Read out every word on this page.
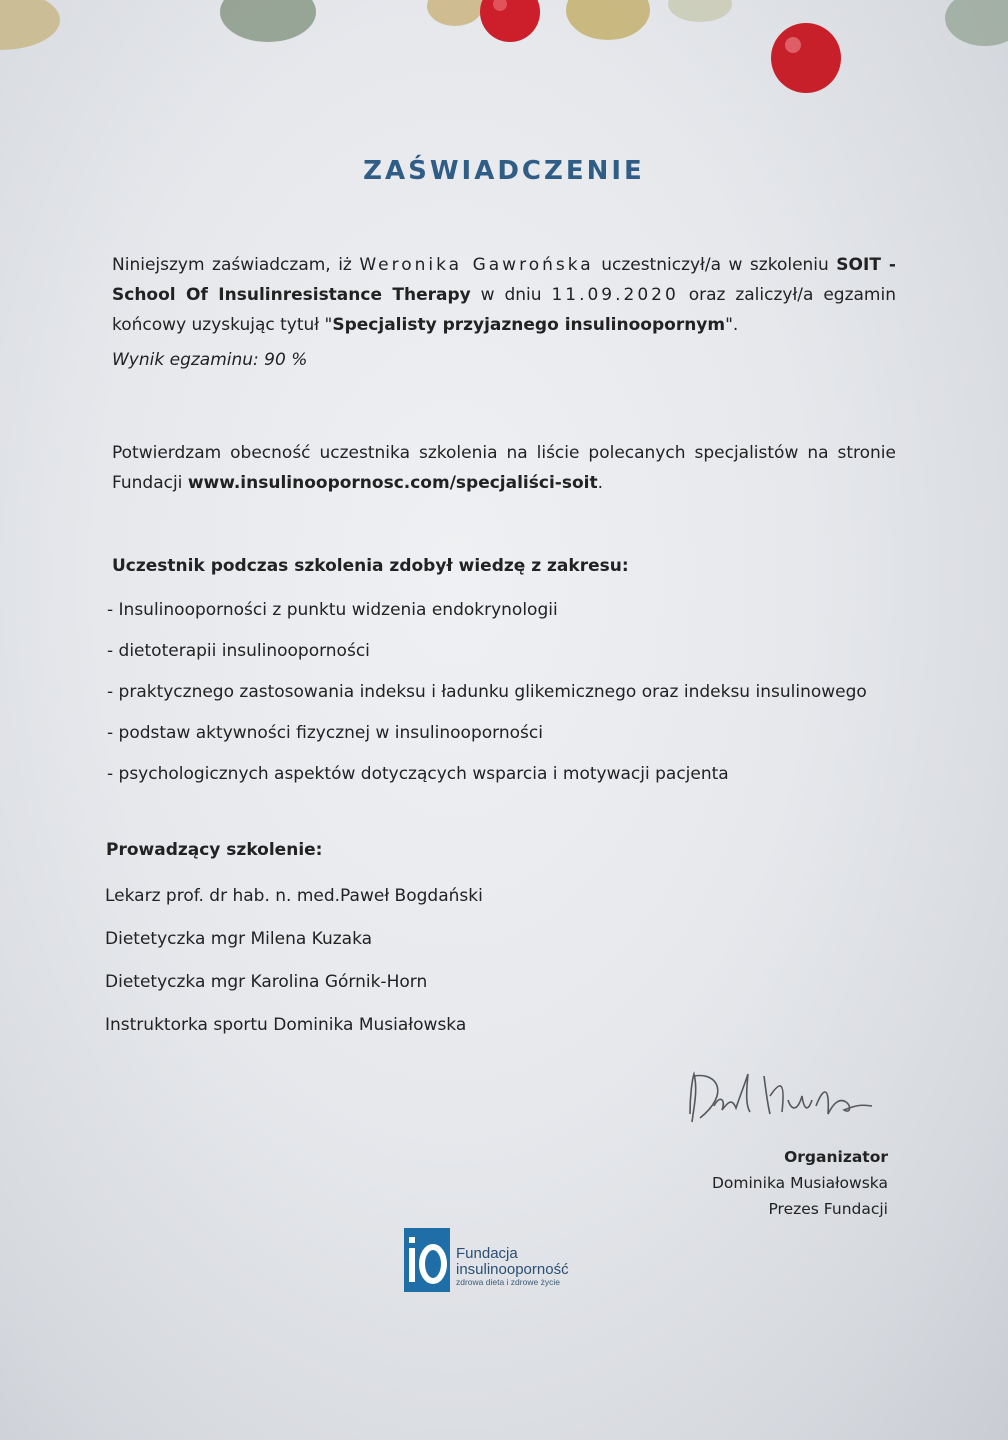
ZAŚWIADCZENIE
Niniejszym zaświadczam, iż Weronika Gawrońska uczestniczył/a w szkoleniu SOIT - School Of Insulinresistance Therapy w dniu 11.09.2020 oraz zaliczył/a egzamin końcowy uzyskując tytuł "Specjalisty przyjaznego insulinoopornym".
Wynik egzaminu: 90 %
Potwierdzam obecność uczestnika szkolenia na liście polecanych specjalistów na stronie Fundacji www.insulinoopornosc.com/specjaliści-soit.
Uczestnik podczas szkolenia zdobył wiedzę z zakresu:
- Insulinooporności z punktu widzenia endokrynologii
- dietoterapii insulinooporności
- praktycznego zastosowania indeksu i ładunku glikemicznego oraz indeksu insulinowego
- podstaw aktywności fizycznej w insulinooporności
- psychologicznych aspektów dotyczących wsparcia i motywacji pacjenta
Prowadzący szkolenie:
Lekarz prof. dr hab. n. med.Paweł Bogdański
Dietetyczka mgr Milena Kuzaka
Dietetyczka mgr Karolina Górnik-Horn
Instruktorka sportu Dominika Musiałowska
Organizator
Dominika Musiałowska
Prezes Fundacji
Fundacja
insulinooporność
zdrowa dieta i zdrowe życie
